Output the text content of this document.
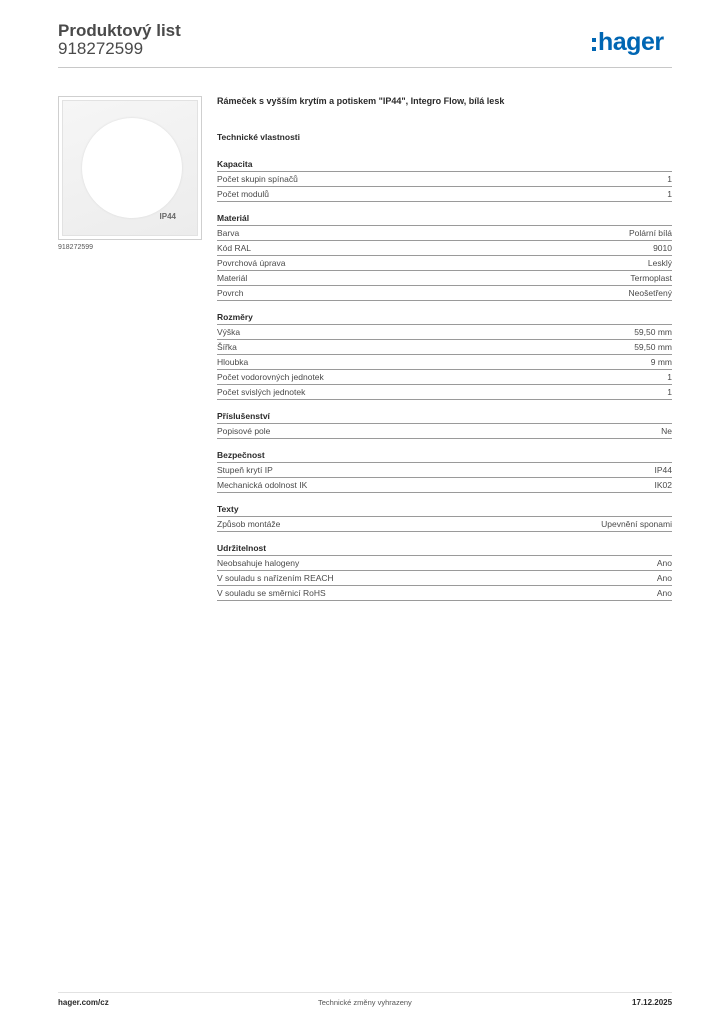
Produktový list
918272599	hager
IP44
918272599
Rámeček s vyšším krytím a potiskem "IP44", Integro Flow, bílá lesk
Technické vlastnosti
Kapacita
Počet skupin spínačů	1
Počet modulů	1
Materiál
Barva	Polární bílá
Kód RAL	9010
Povrchová úprava	Lesklý
Materiál	Termoplast
Povrch	Neošetřený
Rozměry
Výška	59,50 mm
Šířka	59,50 mm
Hloubka	9 mm
Počet vodorovných jednotek	1
Počet svislých jednotek	1
Příslušenství
Popisové pole	Ne
Bezpečnost
Stupeň krytí IP	IP44
Mechanická odolnost IK	IK02
Texty
Způsob montáže	Upevnění sponami
Udržitelnost
Neobsahuje halogeny	Ano
V souladu s nařízením REACH	Ano
V souladu se směrnicí RoHS	Ano
hager.com/cz	Technické změny vyhrazeny	17.12.2025
